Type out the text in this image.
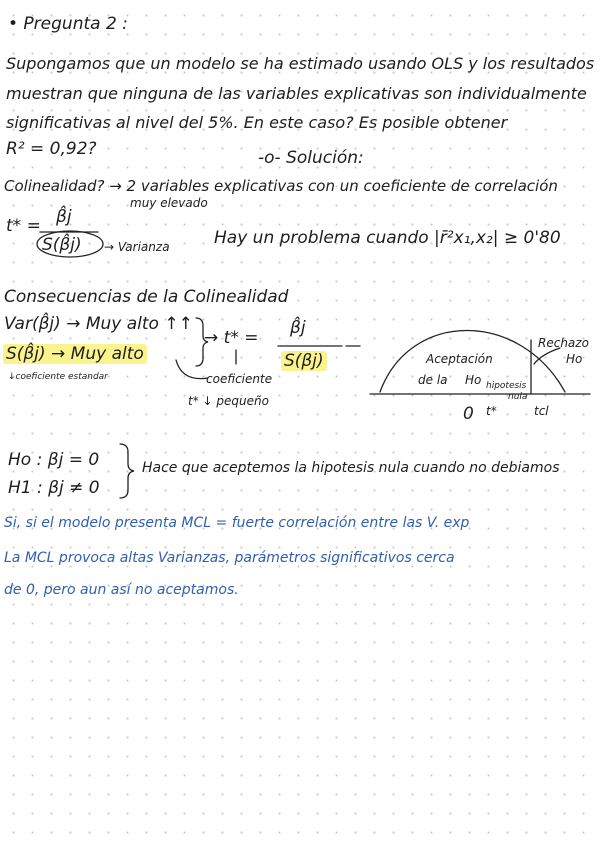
• Pregunta 2 :
Supongamos que un modelo se ha estimado usando OLS y los resultados
muestran que ninguna de las variables explicativas son individualmente
significativas al nivel del 5%. En este caso? Es posible obtener
R² = 0,92?	-o- Solución:
Colinealidad? → 2 variables explicativas con un coeficiente de correlación
muy elevado
t* = β̂j
S(β̂j) → Varianza	Hay un problema cuando |r̄²x₁,x₂| ≥ 0'80
Consecuencias de la Colinealidad
Var(β̂j) → Muy alto ↑↑
S(β̂j) → Muy alto
↓coeficiente estandar
→ t* = β̂j
S(βj)
coeficiente
t* ↓ pequeño
Aceptación
de la Ho hipotesis
nula
Rechazo
Ho
0 t*	tcl
Ho : βj = 0
H1 : βj ≠ 0
Hace que aceptemos la hipotesis nula cuando no debiamos
Si, si el modelo presenta MCL = fuerte correlación entre las V. exp
La MCL provoca altas Varianzas, parámetros significativos cerca
de 0, pero aun así no aceptamos.
